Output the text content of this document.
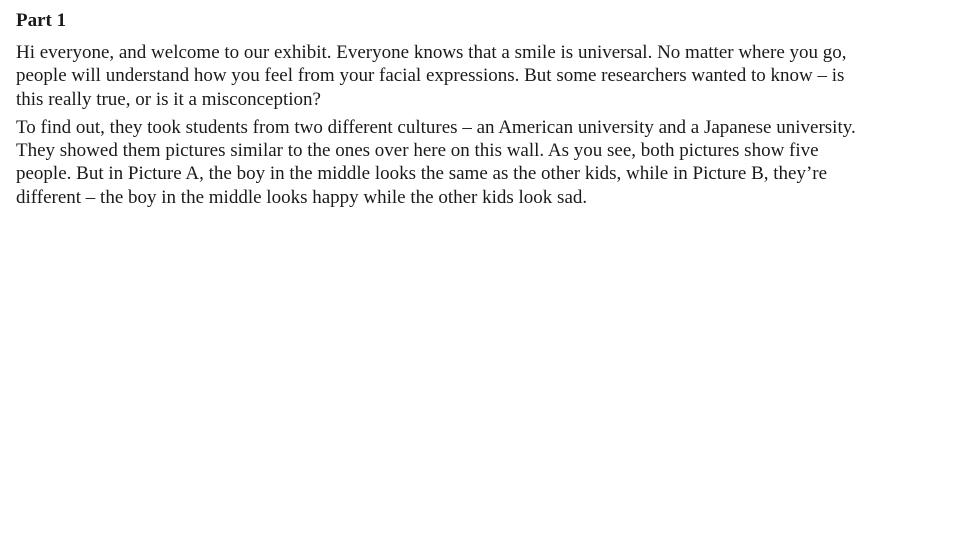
Part 1

Hi everyone, and welcome to our exhibit. Everyone knows that a smile is universal. No matter where you go,
people will understand how you feel from your facial expressions. But some researchers wanted to know – is
this really true, or is it a misconception?

To find out, they took students from two different cultures – an American university and a Japanese university.
They showed them pictures similar to the ones over here on this wall. As you see, both pictures show five
people. But in Picture A, the boy in the middle looks the same as the other kids, while in Picture B, they’re
different – the boy in the middle looks happy while the other kids look sad.
